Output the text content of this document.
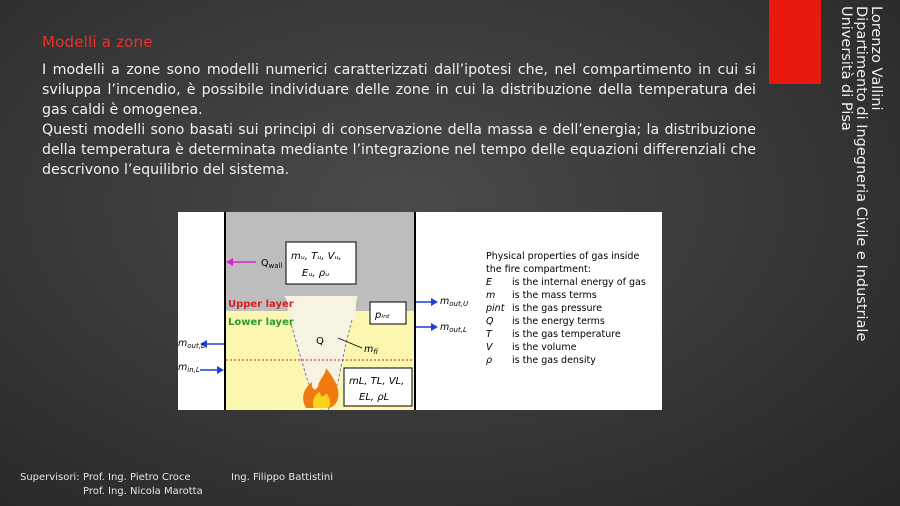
Modelli a zone

I modelli a zone sono modelli numerici caratterizzati dall’ipotesi che, nel compartimento in cui si sviluppa l’incendio, è possibile individuare delle zone in cui la distribuzione della temperatura dei gas caldi è omogenea.

Questi modelli sono basati sui principi di conservazione della massa e dell’energia; la distribuzione della temperatura è determinata mediante l’integrazione nel tempo delle equazioni differenziali che descrivono l’equilibrio del sistema.

Lorenzo Vallini
Dipartimento di Ingegneria Civile e Industriale
Università di Pisa
Upper layer
Lower layer
mᵤ, Tᵤ, Vᵤ,
Eᵤ, ρᵤ
$Q_{wall}$
pᵢₙₜ
$m_{out,U}$
$m_{out,L}$
$m_{out,L}$
$m_{in,L}$
Q
$m_{fi}$
mL, TL, VL,
EL, ρL
Physical properties of gas inside
the fire compartment:
E is the internal energy of gas
m is the mass terms
pint is the gas pressure
Q is the energy terms
T is the gas temperature
V is the volume
ρ is the gas density
Supervisori: Prof. Ing. Pietro Croce
Prof. Ing. Nicola Marotta
Ing. Filippo Battistini
